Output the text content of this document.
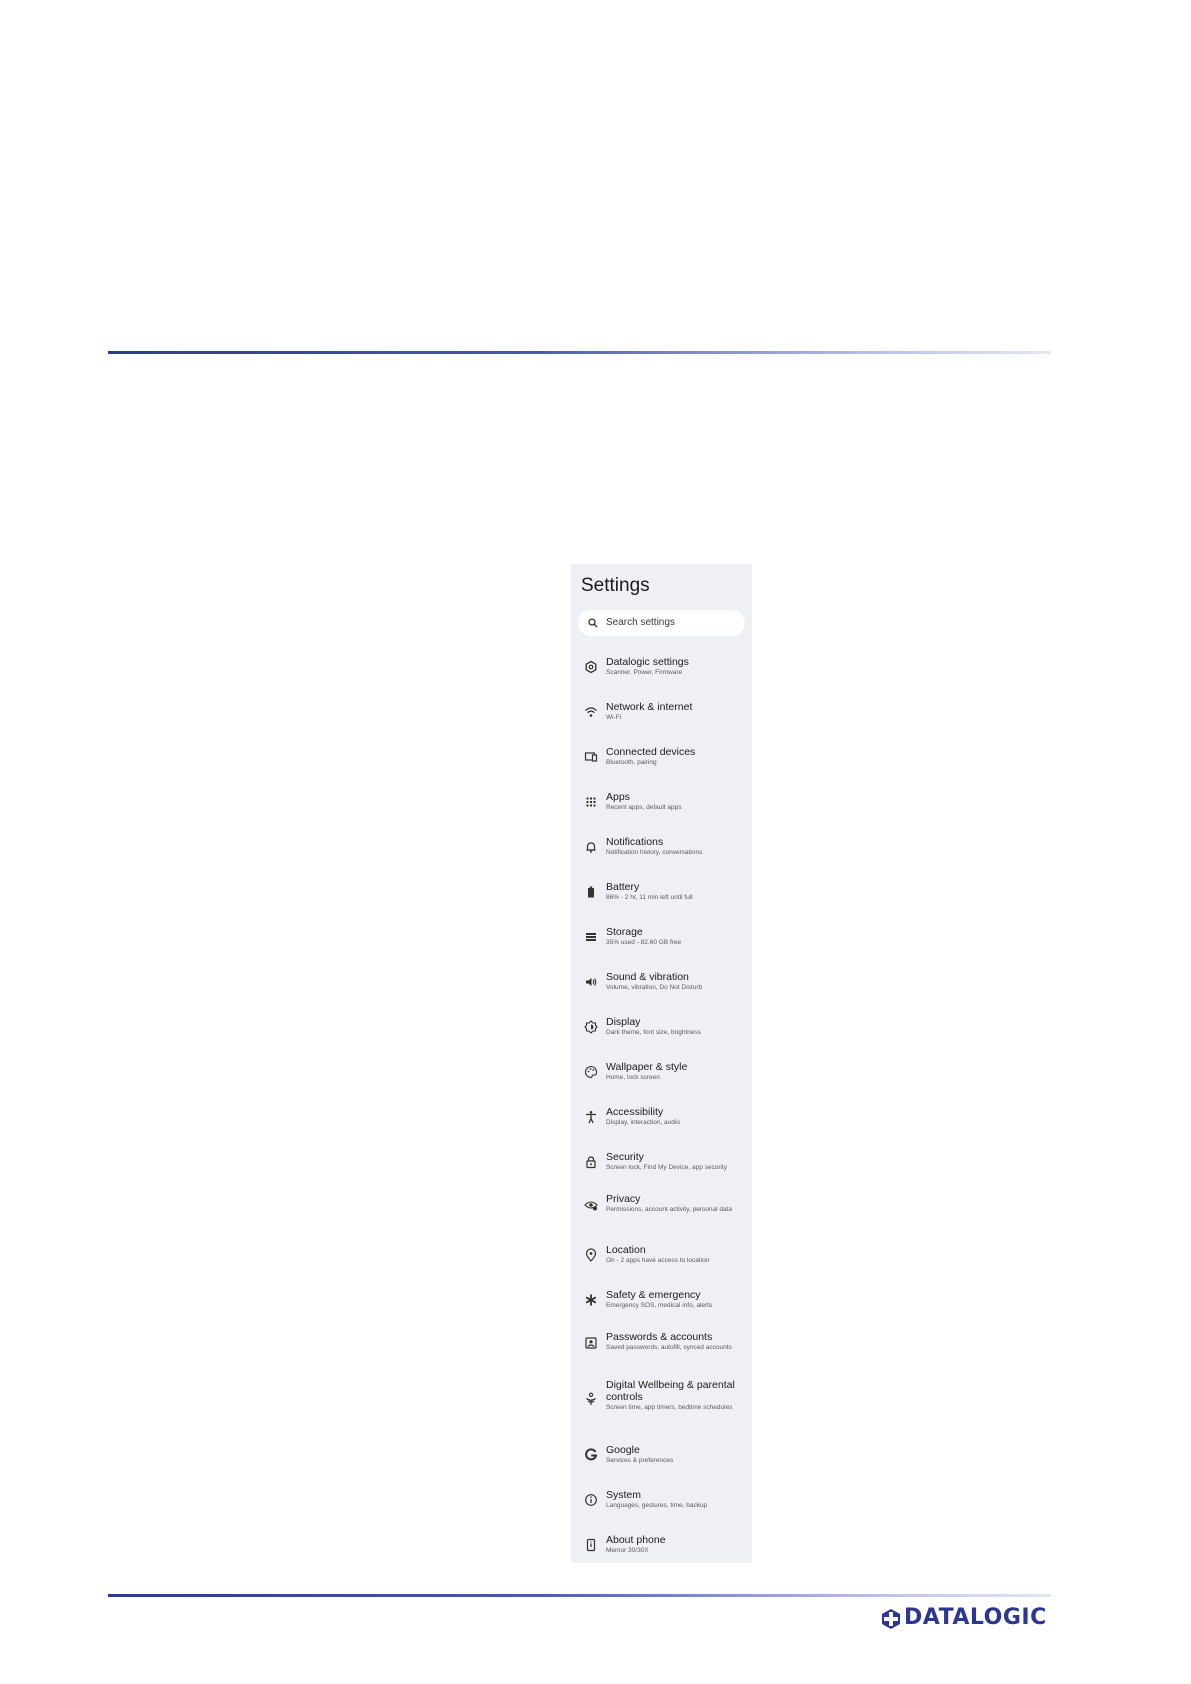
Settings
Search settings
Datalogic settings
Scanner, Power, Firmware
Network & internet
Wi-Fi
Connected devices
Bluetooth, pairing
Apps
Recent apps, default apps
Notifications
Notification history, conversations
Battery
86% - 2 hr, 11 min left until full
Storage
35% used - 82.60 GB free
Sound & vibration
Volume, vibration, Do Not Disturb
Display
Dark theme, font size, brightness
Wallpaper & style
Home, lock screen
Accessibility
Display, interaction, audio
Security
Screen lock, Find My Device, app security
Privacy
Permissions, account activity, personal data
Location
On - 2 apps have access to location
Safety & emergency
Emergency SOS, medical info, alerts
Passwords & accounts
Saved passwords, autofill, synced accounts
Digital Wellbeing & parental controls
Screen time, app timers, bedtime schedules
Google
Services & preferences
System
Languages, gestures, time, backup
About phone
Memor 30/30X
DATALOGIC
